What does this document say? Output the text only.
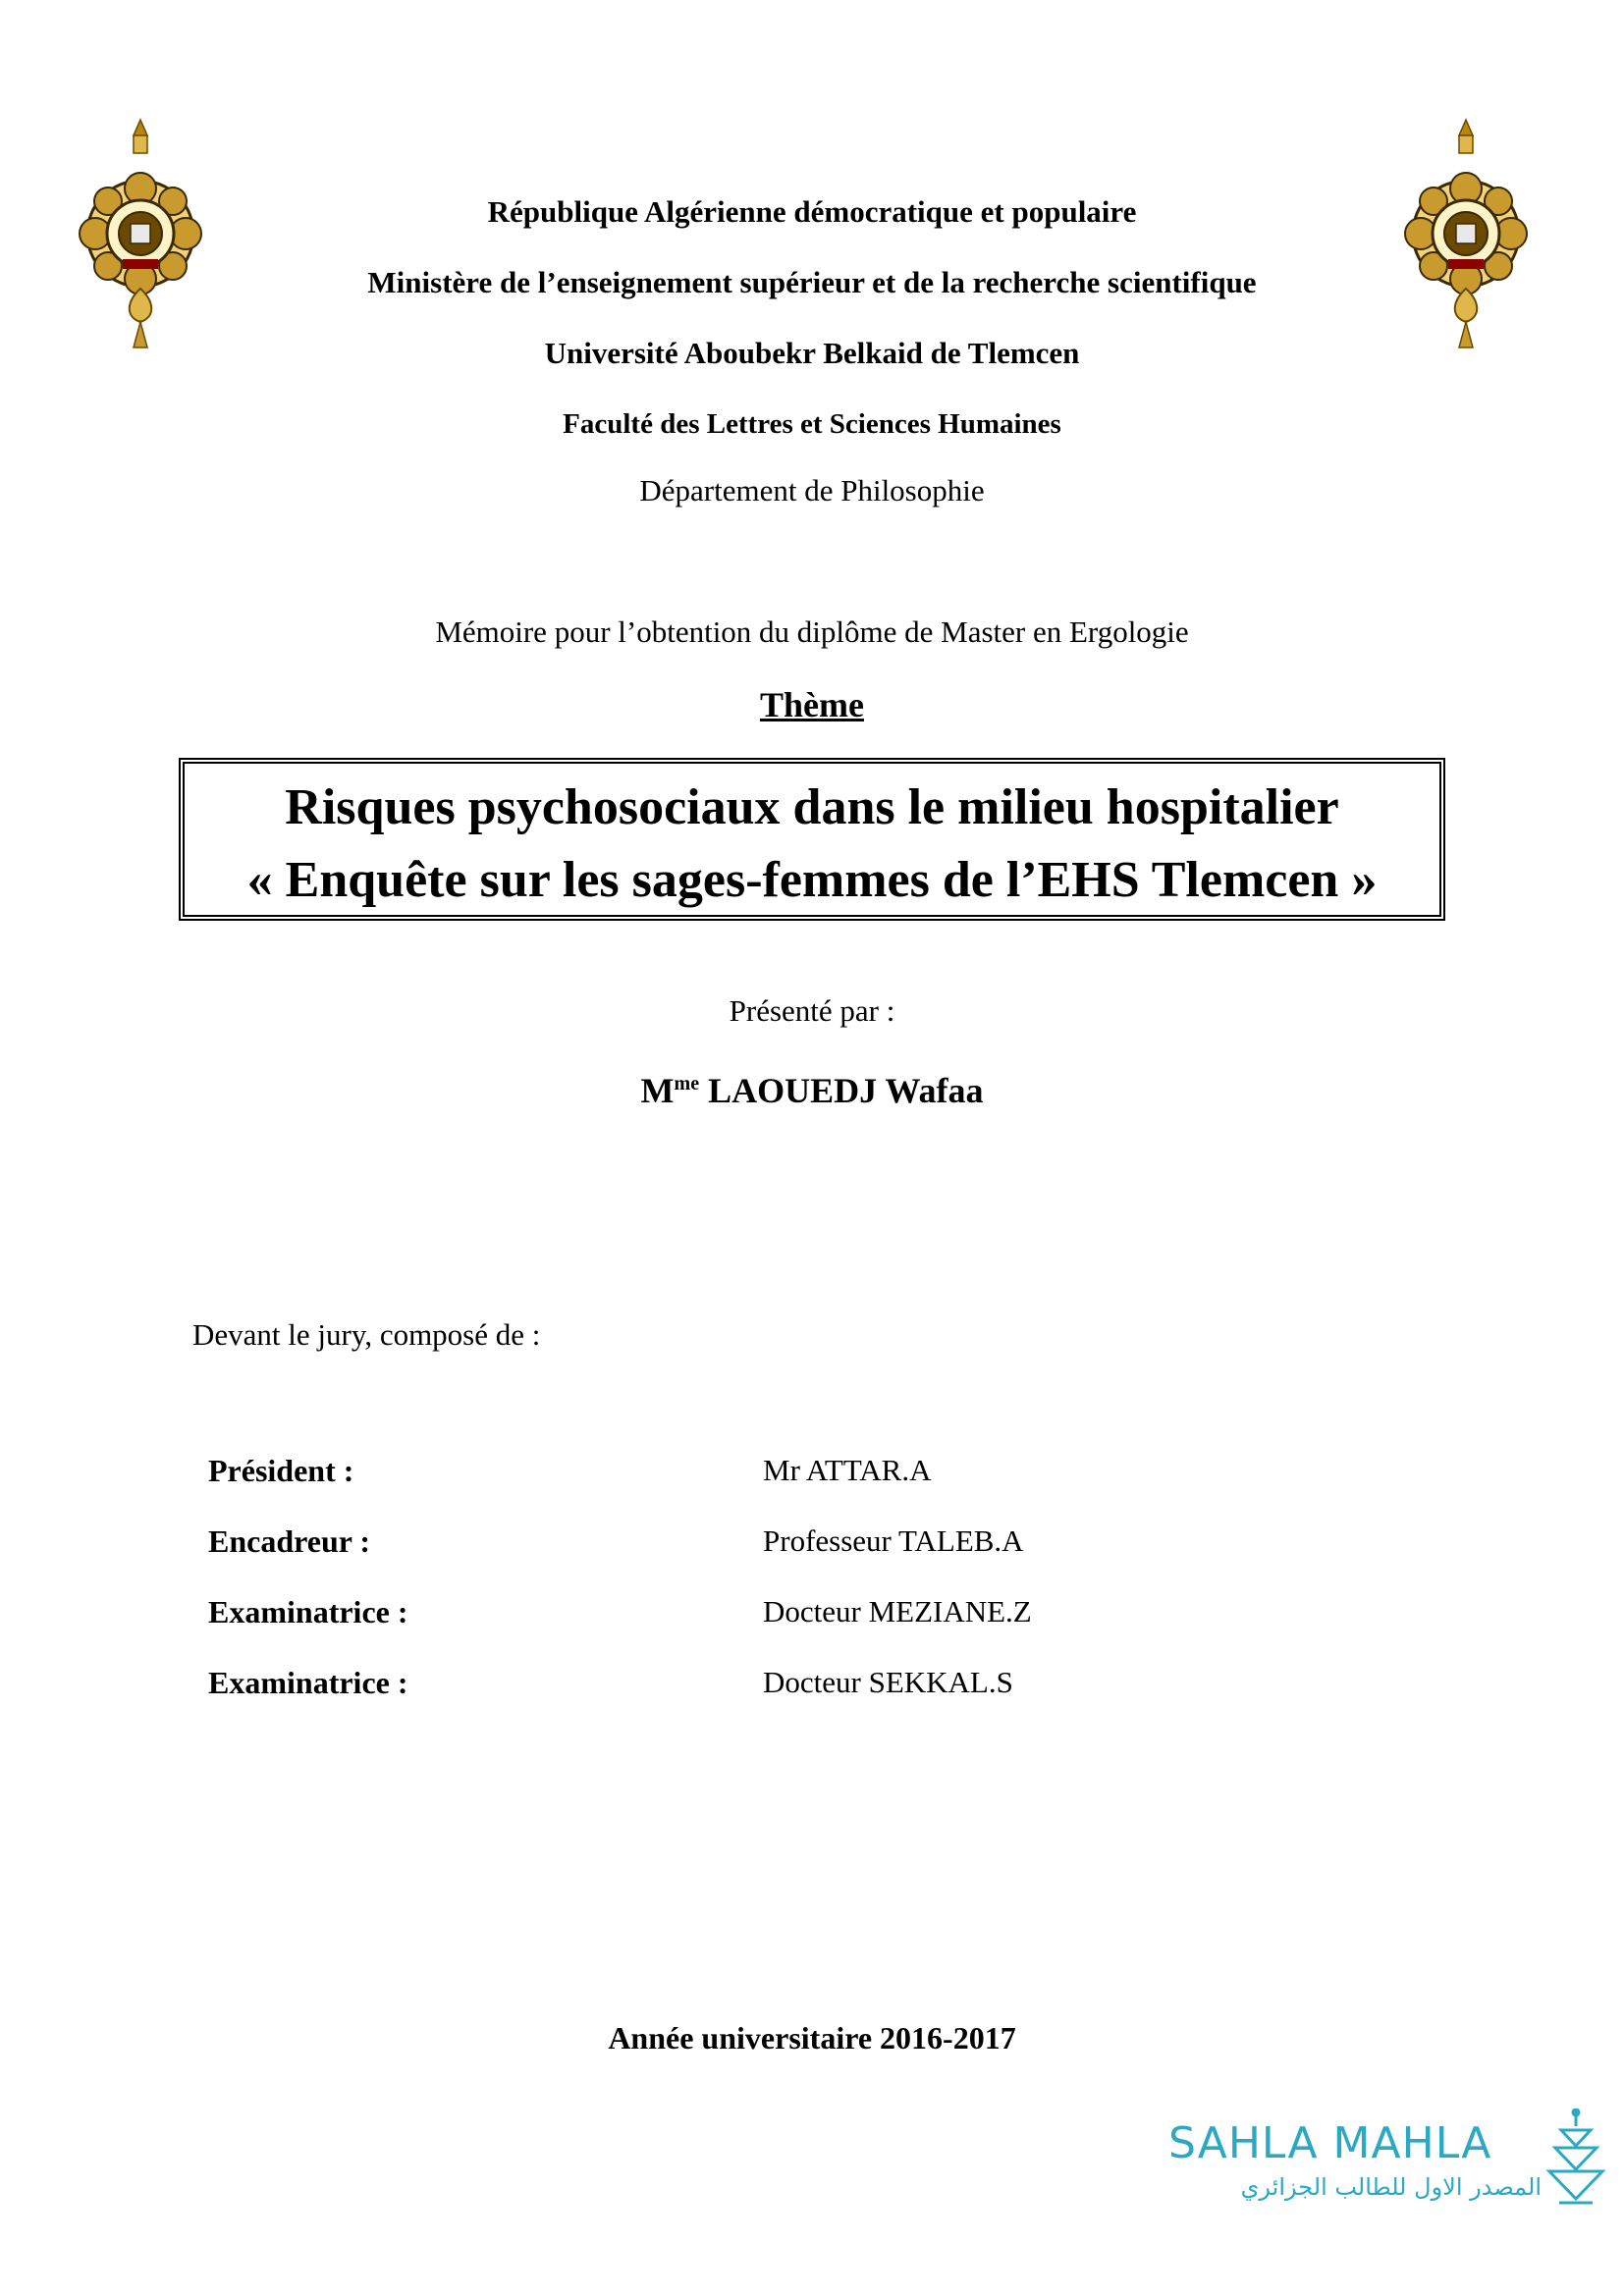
République Algérienne démocratique et populaire
Ministère de l’enseignement supérieur et de la recherche scientifique
Université Aboubekr Belkaid de Tlemcen
Faculté des Lettres et Sciences Humaines
Département de Philosophie
Mémoire pour l’obtention du diplôme de Master en Ergologie
Thème
Risques psychosociaux dans le milieu hospitalier
« Enquête sur les sages-femmes de l’EHS Tlemcen »
Présenté par :
$M^{me}$ LAOUEDJ Wafaa
Devant le jury, composé de :
Président :	Mr ATTAR.A
Encadreur :	Professeur TALEB.A
Examinatrice :	Docteur MEZIANE.Z
Examinatrice :	Docteur SEKKAL.S
Année universitaire 2016-2017
SAHLA MAHLA
المصدر الاول للطالب الجزائري
